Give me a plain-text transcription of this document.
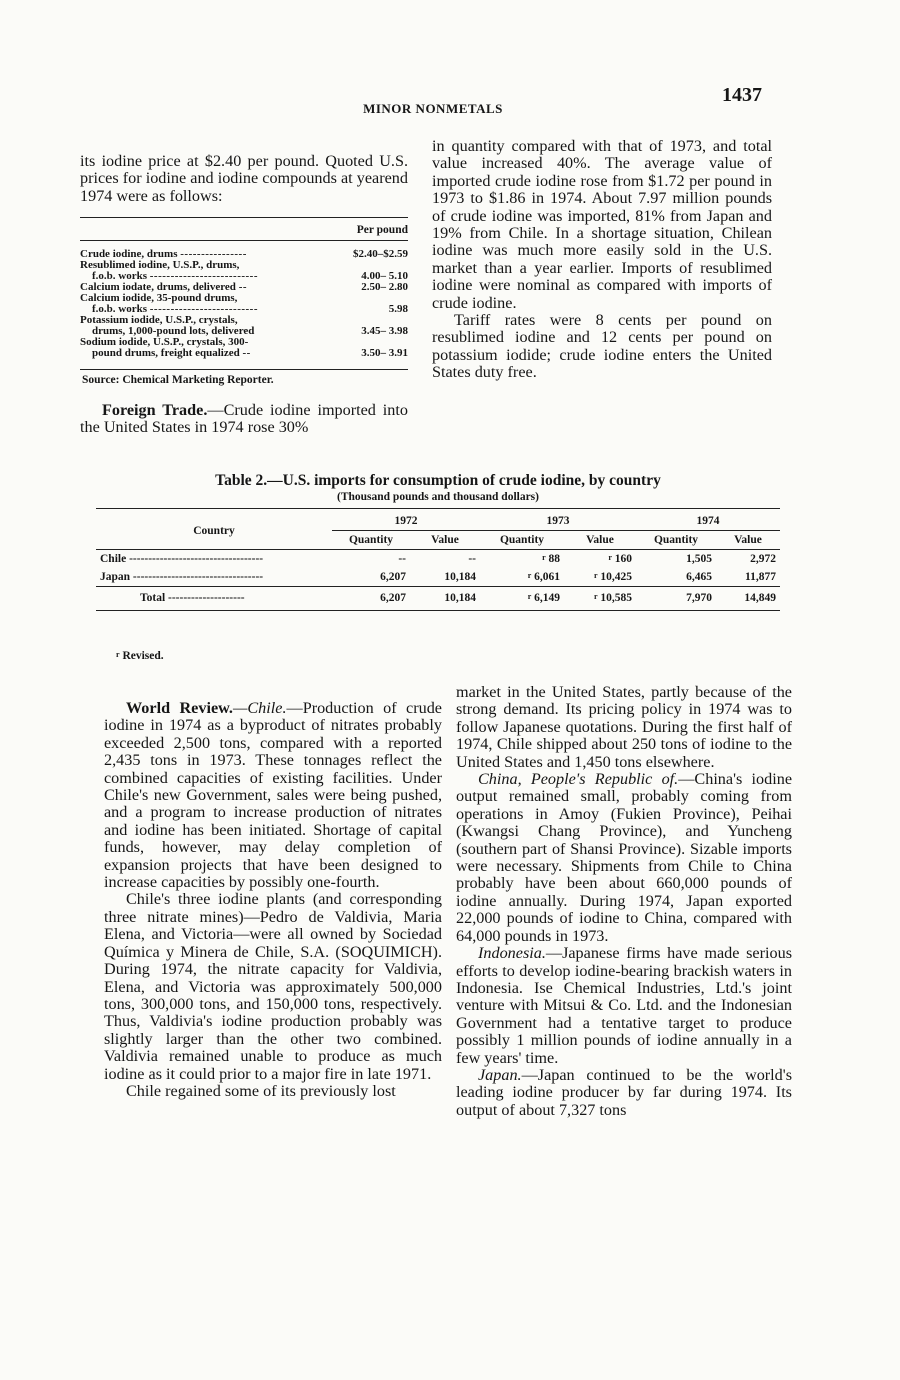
MINOR NONMETALS
1437

its iodine price at $2.40 per pound. Quoted U.S. prices for iodine and iodine compounds at yearend 1974 were as follows:

Per pound
Crude iodine, drums ----------------	$2.40–$2.59
Resublimed iodine, U.S.P., drums,
f.o.b. works --------------------------	4.00– 5.10
Calcium iodate, drums, delivered --	2.50– 2.80
Calcium iodide, 35-pound drums,
f.o.b. works --------------------------	5.98
Potassium iodide, U.S.P., crystals,
drums, 1,000-pound lots, delivered	3.45– 3.98
Sodium iodide, U.S.P., crystals, 300-
pound drums, freight equalized --	3.50– 3.91

Source: Chemical Marketing Reporter.

Foreign Trade.—Crude iodine imported into the United States in 1974 rose 30%

in quantity compared with that of 1973, and total value increased 40%. The average value of imported crude iodine rose from $1.72 per pound in 1973 to $1.86 in 1974. About 7.97 million pounds of crude iodine was imported, 81% from Japan and 19% from Chile. In a shortage situation, Chilean iodine was much more easily sold in the U.S. market than a year earlier. Imports of resublimed iodine were nominal as compared with imports of crude iodine.

Tariff rates were 8 cents per pound on resublimed iodine and 12 cents per pound on potassium iodide; crude iodine enters the United States duty free.

Table 2.—U.S. imports for consumption of crude iodine, by country
(Thousand pounds and thousand dollars)

Country	1972		1973		1974	
	Quantity	Value	Quantity	Value	Quantity	Value
Chile -----------------------------------	--	--	$^r$ 88	$^r$ 160	1,505	2,972
Japan ----------------------------------	6,207	10,184	$^r$ 6,061	$^r$ 10,425	6,465	11,877
Total --------------------	6,207	10,184	$^r$ 6,149	$^r$ 10,585	7,970	14,849

$^r$ Revised.

World Review.—Chile.—Production of crude iodine in 1974 as a byproduct of nitrates probably exceeded 2,500 tons, compared with a reported 2,435 tons in 1973. These tonnages reflect the combined capacities of existing facilities. Under Chile's new Government, sales were being pushed, and a program to increase production of nitrates and iodine has been initiated. Shortage of capital funds, however, may delay completion of expansion projects that have been designed to increase capacities by possibly one-fourth.

Chile's three iodine plants (and corresponding three nitrate mines)—Pedro de Valdivia, Maria Elena, and Victoria—were all owned by Sociedad Química y Minera de Chile, S.A. (SOQUIMICH). During 1974, the nitrate capacity for Valdivia, Elena, and Victoria was approximately 500,000 tons, 300,000 tons, and 150,000 tons, respectively. Thus, Valdivia's iodine production probably was slightly larger than the other two combined. Valdivia remained unable to produce as much iodine as it could prior to a major fire in late 1971.

Chile regained some of its previously lost

market in the United States, partly because of the strong demand. Its pricing policy in 1974 was to follow Japanese quotations. During the first half of 1974, Chile shipped about 250 tons of iodine to the United States and 1,450 tons elsewhere.

China, People's Republic of.—China's iodine output remained small, probably coming from operations in Amoy (Fukien Province), Peihai (Kwangsi Chang Province), and Yuncheng (southern part of Shansi Province). Sizable imports were necessary. Shipments from Chile to China probably have been about 660,000 pounds of iodine annually. During 1974, Japan exported 22,000 pounds of iodine to China, compared with 64,000 pounds in 1973.

Indonesia.—Japanese firms have made serious efforts to develop iodine-bearing brackish waters in Indonesia. Ise Chemical Industries, Ltd.'s joint venture with Mitsui & Co. Ltd. and the Indonesian Government had a tentative target to produce possibly 1 million pounds of iodine annually in a few years' time.

Japan.—Japan continued to be the world's leading iodine producer by far during 1974. Its output of about 7,327 tons
